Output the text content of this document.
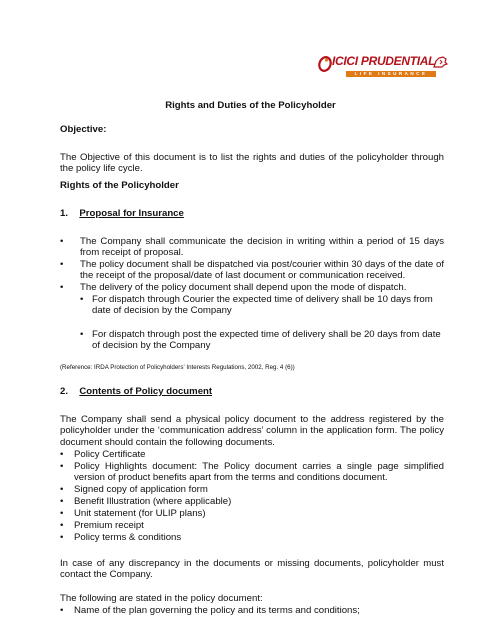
ICICI PRUDENTIAL
LIFE INSURANCE
Rights and Duties of the Policyholder
Objective:
The Objective of this document is to list the rights and duties of the policyholder through the policy life cycle.
Rights of the Policyholder
1. Proposal for Insurance
•	The Company shall communicate the decision in writing within a period of 15 days from receipt of proposal.
•	The policy document shall be dispatched via post/courier within 30 days of the date of the receipt of the proposal/date of last document or communication received.
•	The delivery of the policy document shall depend upon the mode of dispatch.
• For dispatch through Courier the expected time of delivery shall be 10 days from date of decision by the Company
• For dispatch through post the expected time of delivery shall be 20 days from date of decision by the Company
(Reference: IRDA Protection of Policyholders' Interests Regulations, 2002, Reg. 4 (6))
2. Contents of Policy document
The Company shall send a physical policy document to the address registered by the policyholder under the ‘communication address’ column in the application form. The policy document should contain the following documents.
• Policy Certificate
• Policy Highlights document: The Policy document carries a single page simplified version of product benefits apart from the terms and conditions document.
• Signed copy of application form
• Benefit Illustration (where applicable)
• Unit statement (for ULIP plans)
• Premium receipt
• Policy terms & conditions
In case of any discrepancy in the documents or missing documents, policyholder must contact the Company.
The following are stated in the policy document:
• Name of the plan governing the policy and its terms and conditions;
